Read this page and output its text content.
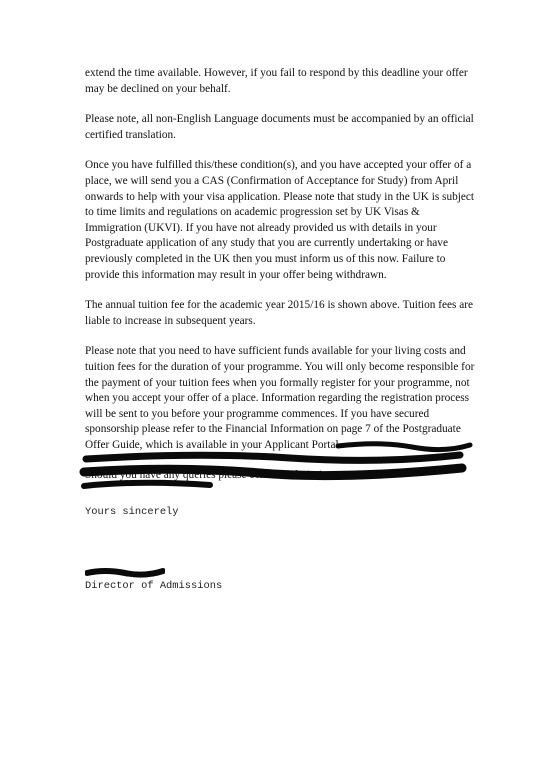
extend the time available. However, if you fail to respond by this deadline your offer may be declined on your behalf.

Please note, all non-English Language documents must be accompanied by an official certified translation.

Once you have fulfilled this/these condition(s), and you have accepted your offer of a place, we will send you a CAS (Confirmation of Acceptance for Study) from April onwards to help with your visa application. Please note that study in the UK is subject to time limits and regulations on academic progression set by UK Visas & Immigration (UKVI). If you have not already provided us with details in your Postgraduate application of any study that you are currently undertaking or have previously completed in the UK then you must inform us of this now. Failure to provide this information may result in your offer being withdrawn.

The annual tuition fee for the academic year 2015/16 is shown above. Tuition fees are liable to increase in subsequent years.

Please note that you need to have sufficient funds available for your living costs and tuition fees for the duration of your programme. You will only become responsible for the payment of your tuition fees when you formally register for your programme, not when you accept your offer of a place. Information regarding the registration process will be sent to you before your programme commences. If you have secured sponsorship please refer to the Financial Information on page 7 of the Postgraduate Offer Guide, which is available in your Applicant Portal.

Should you have any queries please contact Admissions

Yours sincerely
Director of Admissions
